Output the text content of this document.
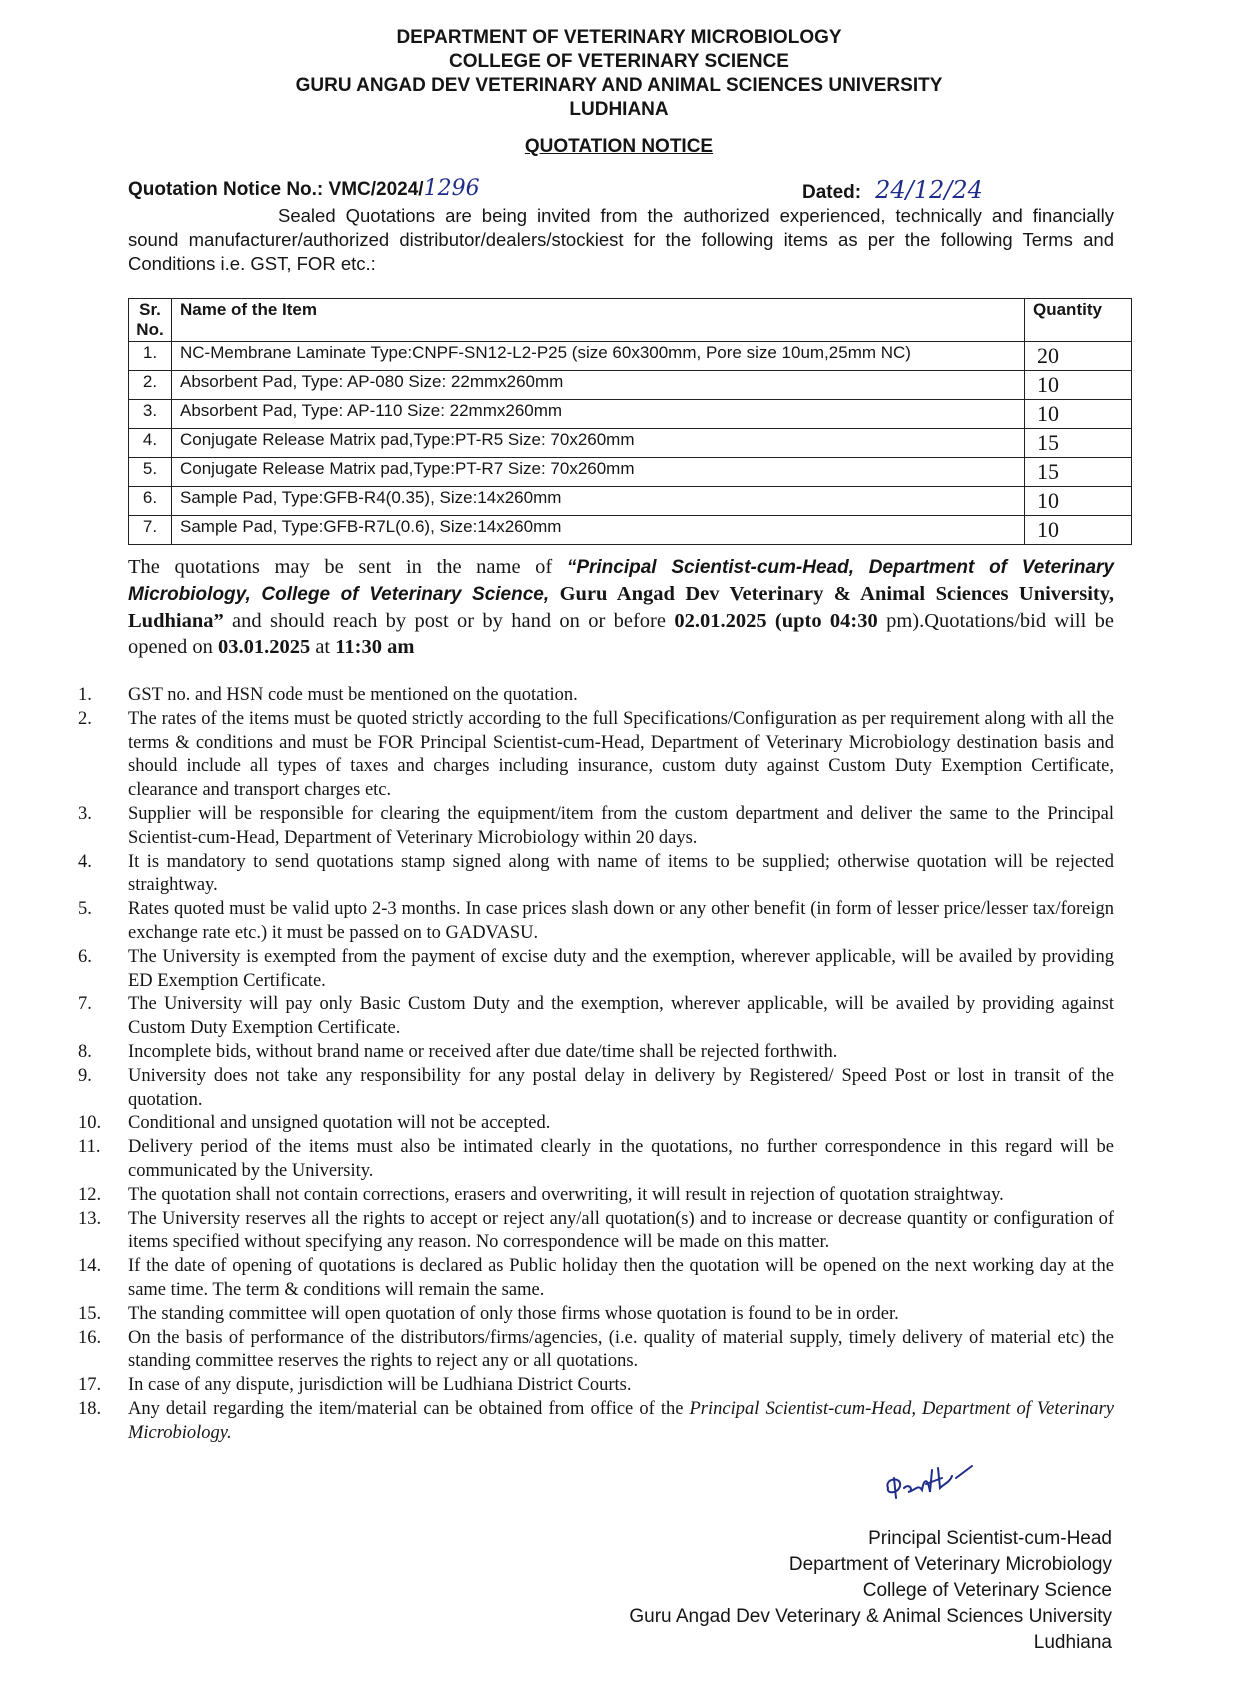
DEPARTMENT OF VETERINARY MICROBIOLOGY
COLLEGE OF VETERINARY SCIENCE
GURU ANGAD DEV VETERINARY AND ANIMAL SCIENCES UNIVERSITY
LUDHIANA
QUOTATION NOTICE
Quotation Notice No.: VMC/2024/1296	Dated: 24/12/24
Sealed Quotations are being invited from the authorized experienced, technically and financially sound manufacturer/authorized distributor/dealers/stockiest for the following items as per the following Terms and Conditions i.e. GST, FOR etc.:
Sr. No.	Name of the Item	Quantity
1.	NC-Membrane Laminate Type:CNPF-SN12-L2-P25 (size 60x300mm, Pore size 10um,25mm NC)	20
2.	Absorbent Pad, Type: AP-080 Size: 22mmx260mm	10
3.	Absorbent Pad, Type: AP-110 Size: 22mmx260mm	10
4.	Conjugate Release Matrix pad,Type:PT-R5 Size: 70x260mm	15
5.	Conjugate Release Matrix pad,Type:PT-R7 Size: 70x260mm	15
6.	Sample Pad, Type:GFB-R4(0.35), Size:14x260mm	10
7.	Sample Pad, Type:GFB-R7L(0.6), Size:14x260mm	10
The quotations may be sent in the name of “Principal Scientist-cum-Head, Department of Veterinary Microbiology, College of Veterinary Science, Guru Angad Dev Veterinary & Animal Sciences University, Ludhiana” and should reach by post or by hand on or before 02.01.2025 (upto 04:30 pm).Quotations/bid will be opened on 03.01.2025 at 11:30 am
1.	GST no. and HSN code must be mentioned on the quotation.
2.	The rates of the items must be quoted strictly according to the full Specifications/Configuration as per requirement along with all the terms & conditions and must be FOR Principal Scientist-cum-Head, Department of Veterinary Microbiology destination basis and should include all types of taxes and charges including insurance, custom duty against Custom Duty Exemption Certificate, clearance and transport charges etc.
3.	Supplier will be responsible for clearing the equipment/item from the custom department and deliver the same to the Principal Scientist-cum-Head, Department of Veterinary Microbiology within 20 days.
4.	It is mandatory to send quotations stamp signed along with name of items to be supplied; otherwise quotation will be rejected straightway.
5.	Rates quoted must be valid upto 2-3 months. In case prices slash down or any other benefit (in form of lesser price/lesser tax/foreign exchange rate etc.) it must be passed on to GADVASU.
6.	The University is exempted from the payment of excise duty and the exemption, wherever applicable, will be availed by providing ED Exemption Certificate.
7.	The University will pay only Basic Custom Duty and the exemption, wherever applicable, will be availed by providing against Custom Duty Exemption Certificate.
8.	Incomplete bids, without brand name or received after due date/time shall be rejected forthwith.
9.	University does not take any responsibility for any postal delay in delivery by Registered/ Speed Post or lost in transit of the quotation.
10.	Conditional and unsigned quotation will not be accepted.
11.	Delivery period of the items must also be intimated clearly in the quotations, no further correspondence in this regard will be communicated by the University.
12.	The quotation shall not contain corrections, erasers and overwriting, it will result in rejection of quotation straightway.
13.	The University reserves all the rights to accept or reject any/all quotation(s) and to increase or decrease quantity or configuration of items specified without specifying any reason. No correspondence will be made on this matter.
14.	If the date of opening of quotations is declared as Public holiday then the quotation will be opened on the next working day at the same time. The term & conditions will remain the same.
15.	The standing committee will open quotation of only those firms whose quotation is found to be in order.
16.	On the basis of performance of the distributors/firms/agencies, (i.e. quality of material supply, timely delivery of material etc) the standing committee reserves the rights to reject any or all quotations.
17.	In case of any dispute, jurisdiction will be Ludhiana District Courts.
18.	Any detail regarding the item/material can be obtained from office of the Principal Scientist-cum-Head, Department of Veterinary Microbiology.
Principal Scientist-cum-Head
Department of Veterinary Microbiology
College of Veterinary Science
Guru Angad Dev Veterinary & Animal Sciences University
Ludhiana
